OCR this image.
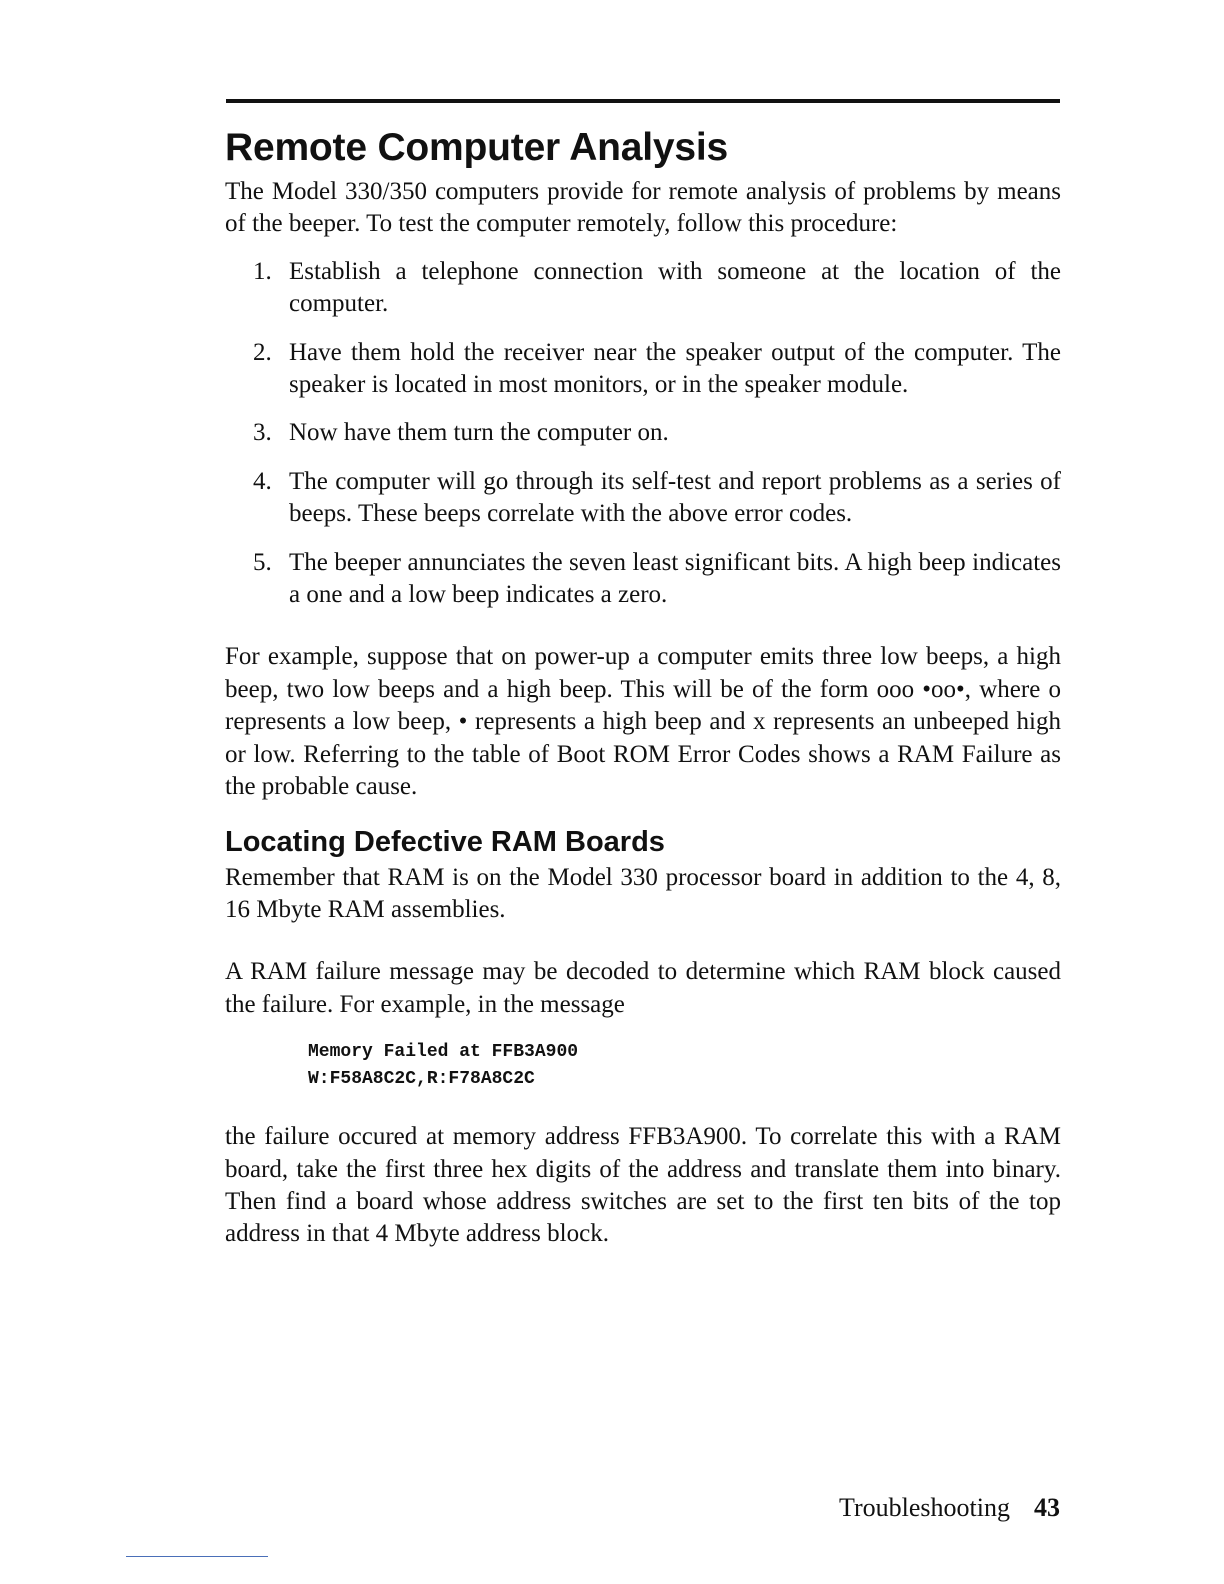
Remote Computer Analysis

The Model 330/350 computers provide for remote analysis of problems by means of the beeper. To test the computer remotely, follow this procedure:

1. Establish a telephone connection with someone at the location of the computer.
2. Have them hold the receiver near the speaker output of the computer. The speaker is located in most monitors, or in the speaker module.
3. Now have them turn the computer on.
4. The computer will go through its self-test and report problems as a series of beeps. These beeps correlate with the above error codes.
5. The beeper annunciates the seven least significant bits. A high beep indicates a one and a low beep indicates a zero.

For example, suppose that on power-up a computer emits three low beeps, a high beep, two low beeps and a high beep. This will be of the form ooo •oo•, where o represents a low beep, • represents a high beep and x represents an unbeeped high or low. Referring to the table of Boot ROM Error Codes shows a RAM Failure as the probable cause.

Locating Defective RAM Boards

Remember that RAM is on the Model 330 processor board in addition to the 4, 8, 16 Mbyte RAM assemblies.

A RAM failure message may be decoded to determine which RAM block caused the failure. For example, in the message

Memory Failed at FFB3A900
W:F58A8C2C,R:F78A8C2C

the failure occured at memory address FFB3A900. To correlate this with a RAM board, take the first three hex digits of the address and translate them into binary. Then find a board whose address switches are set to the first ten bits of the top address in that 4 Mbyte address block.

Troubleshooting 43
